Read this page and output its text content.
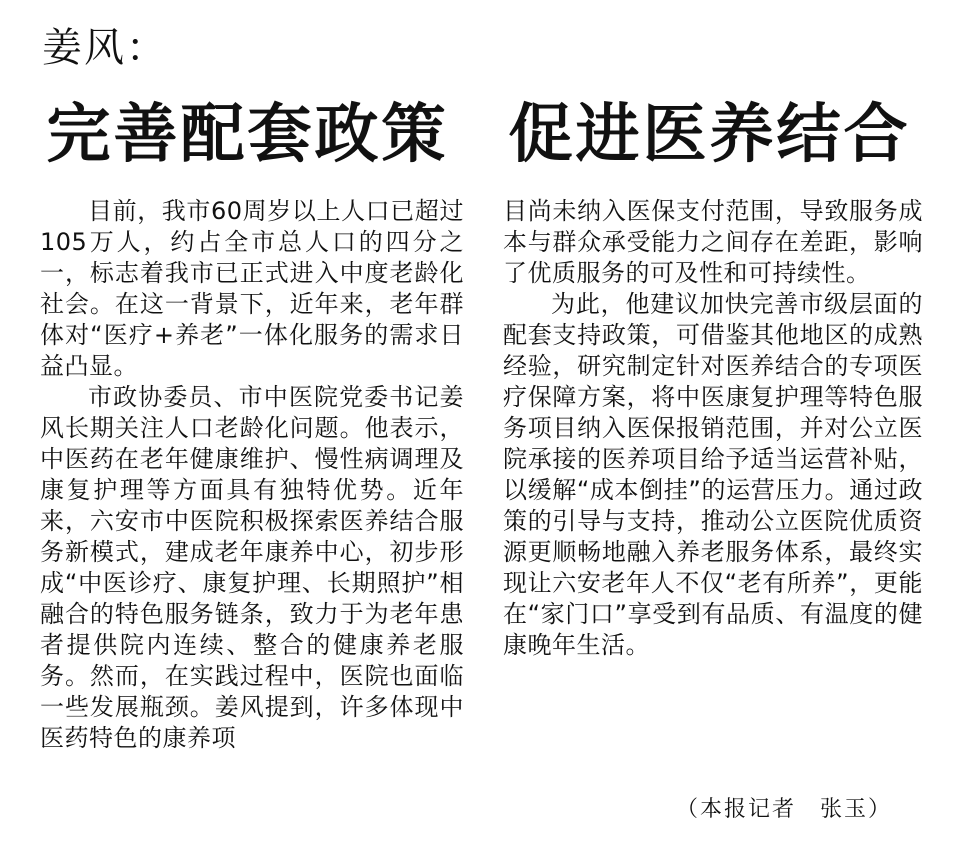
姜风：
完善配套政策 促进医养结合

目前，我市60周岁以上人口已超过105万人，约占全市总人口的四分之一，标志着我市已正式进入中度老龄化社会。在这一背景下，近年来，老年群体对“医疗+养老”一体化服务的需求日益凸显。

市政协委员、市中医院党委书记姜风长期关注人口老龄化问题。他表示，中医药在老年健康维护、慢性病调理及康复护理等方面具有独特优势。近年来，六安市中医院积极探索医养结合服务新模式，建成老年康养中心，初步形成“中医诊疗、康复护理、长期照护”相融合的特色服务链条，致力于为老年患者提供院内连续、整合的健康养老服务。然而，在实践过程中，医院也面临一些发展瓶颈。姜风提到，许多体现中医药特色的康养项

目尚未纳入医保支付范围，导致服务成本与群众承受能力之间存在差距，影响了优质服务的可及性和可持续性。

为此，他建议加快完善市级层面的配套支持政策，可借鉴其他地区的成熟经验，研究制定针对医养结合的专项医疗保障方案，将中医康复护理等特色服务项目纳入医保报销范围，并对公立医院承接的医养项目给予适当运营补贴，以缓解“成本倒挂”的运营压力。通过政策的引导与支持，推动公立医院优质资源更顺畅地融入养老服务体系，最终实现让六安老年人不仅“老有所养”，更能在“家门口”享受到有品质、有温度的健康晚年生活。

（本报记者　张玉）
